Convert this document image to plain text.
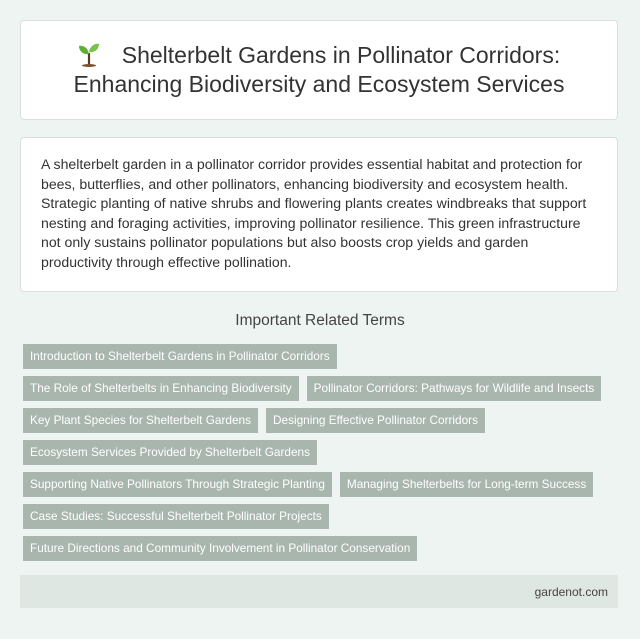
Shelterbelt Gardens in Pollinator Corridors: Enhancing Biodiversity and Ecosystem Services

A shelterbelt garden in a pollinator corridor provides essential habitat and protection for bees, butterflies, and other pollinators, enhancing biodiversity and ecosystem health. Strategic planting of native shrubs and flowering plants creates windbreaks that support nesting and foraging activities, improving pollinator resilience. This green infrastructure not only sustains pollinator populations but also boosts crop yields and garden productivity through effective pollination.

Important Related Terms
Introduction to Shelterbelt Gardens in Pollinator Corridors
The Role of Shelterbelts in Enhancing Biodiversity	Pollinator Corridors: Pathways for Wildlife and Insects
Key Plant Species for Shelterbelt Gardens	Designing Effective Pollinator Corridors
Ecosystem Services Provided by Shelterbelt Gardens
Supporting Native Pollinators Through Strategic Planting	Managing Shelterbelts for Long-term Success
Case Studies: Successful Shelterbelt Pollinator Projects
Future Directions and Community Involvement in Pollinator Conservation
gardenot.com
